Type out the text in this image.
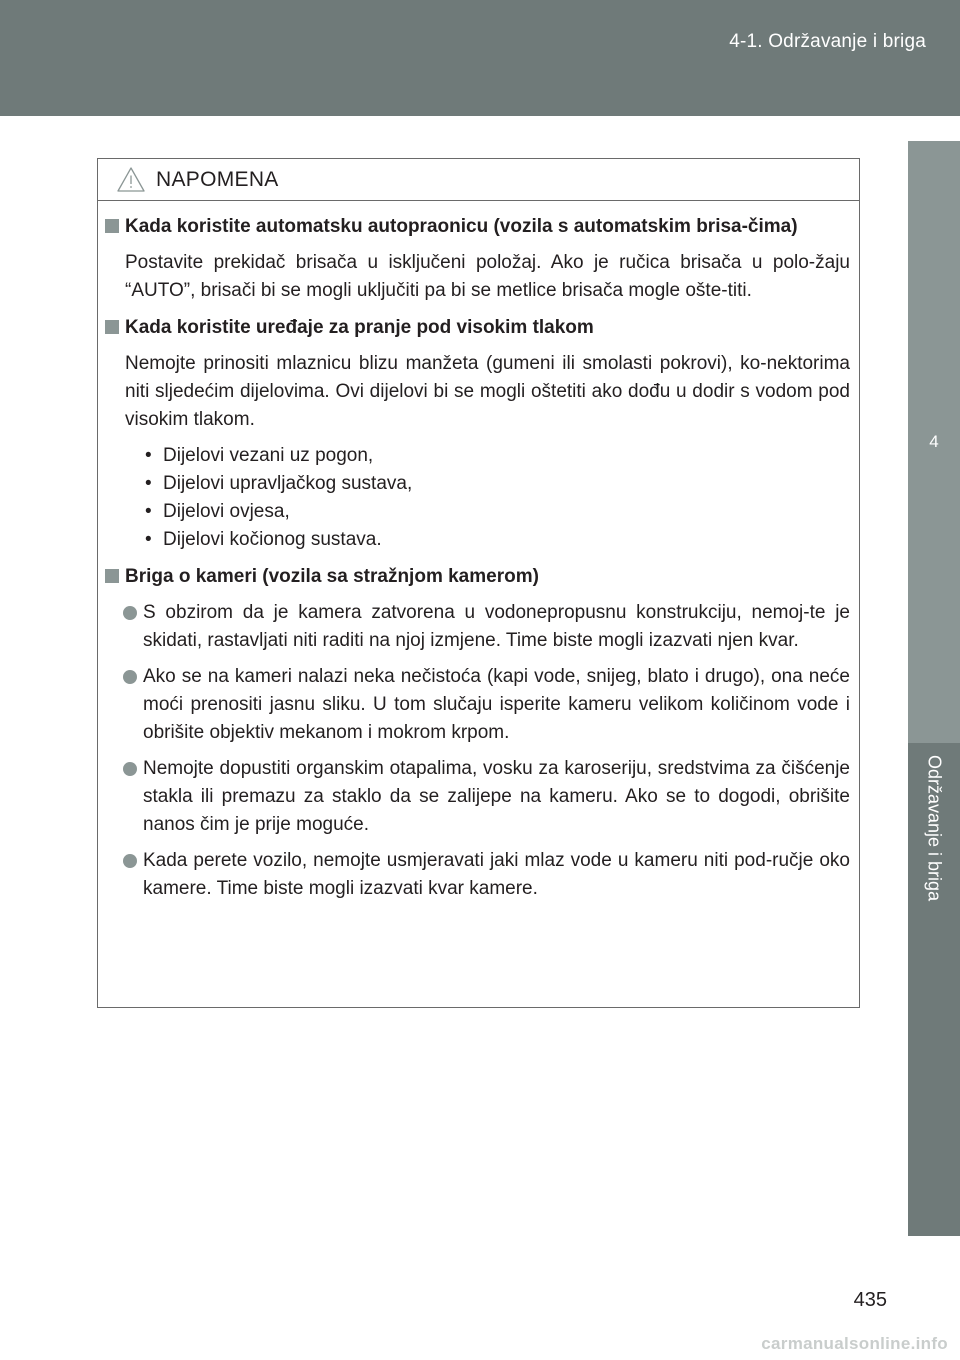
4-1. Održavanje i briga
4
Održavanje i briga
NAPOMENA
Kada koristite automatsku autopraonicu (vozila s automatskim brisa-čima)
Postavite prekidač brisača u isključeni položaj. Ako je ručica brisača u polo-žaju “AUTO”, brisači bi se mogli uključiti pa bi se metlice brisača mogle ošte-titi.
Kada koristite uređaje za pranje pod visokim tlakom
Nemojte prinositi mlaznicu blizu manžeta (gumeni ili smolasti pokrovi), ko-nektorima niti sljedećim dijelovima. Ovi dijelovi bi se mogli oštetiti ako dođu u dodir s vodom pod visokim tlakom.
• Dijelovi vezani uz pogon,
• Dijelovi upravljačkog sustava,
• Dijelovi ovjesa,
• Dijelovi kočionog sustava.
Briga o kameri (vozila sa stražnjom kamerom)
S obzirom da je kamera zatvorena u vodonepropusnu konstrukciju, nemoj-te je skidati, rastavljati niti raditi na njoj izmjene. Time biste mogli izazvati njen kvar.
Ako se na kameri nalazi neka nečistoća (kapi vode, snijeg, blato i drugo), ona neće moći prenositi jasnu sliku. U tom slučaju isperite kameru velikom količinom vode i obrišite objektiv mekanom i mokrom krpom.
Nemojte dopustiti organskim otapalima, vosku za karoseriju, sredstvima za čišćenje stakla ili premazu za staklo da se zalijepe na kameru. Ako se to dogodi, obrišite nanos čim je prije moguće.
Kada perete vozilo, nemojte usmjeravati jaki mlaz vode u kameru niti pod-ručje oko kamere. Time biste mogli izazvati kvar kamere.
435
carmanualsonline.info
